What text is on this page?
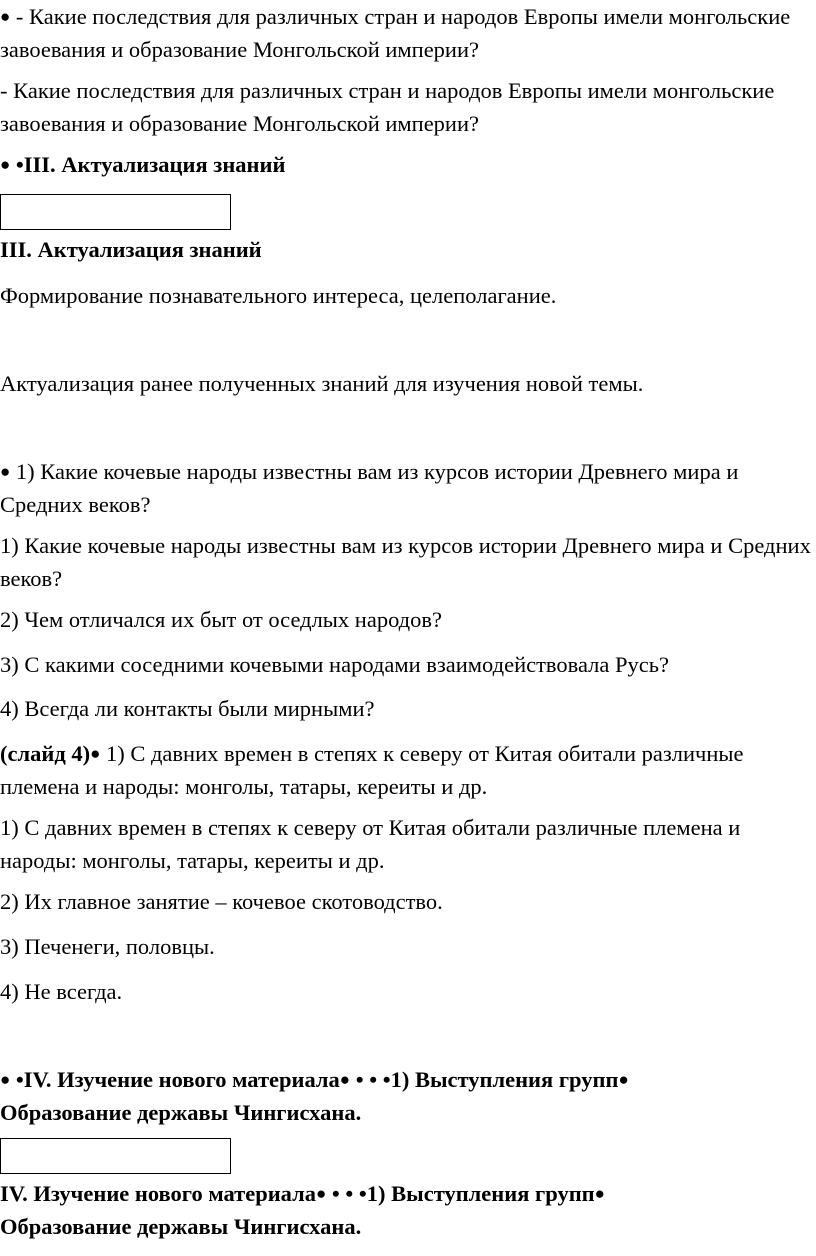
● - Какие последствия для различных стран и народов Европы имели монгольские завоевания и образование Монгольской империи?

- Какие последствия для различных стран и народов Европы имели монгольские завоевания и образование Монгольской империи?

● •III. Актуализация знаний

III. Актуализация знаний

Формирование познавательного интереса, целеполагание.

Актуализация ранее полученных знаний для изучения новой темы.

● 1) Какие кочевые народы известны вам из курсов истории Древнего мира и Средних веков?

1) Какие кочевые народы известны вам из курсов истории Древнего мира и Средних веков?

2) Чем отличался их быт от оседлых народов?

3) С какими соседними кочевыми народами взаимодействовала Русь?

4) Всегда ли контакты были мирными?

(слайд 4)● 1) С давних времен в степях к северу от Китая обитали различные племена и народы: монголы, татары, кереиты и др.

1) С давних времен в степях к северу от Китая обитали различные племена и народы: монголы, татары, кереиты и др.

2) Их главное занятие – кочевое скотоводство.

3) Печенеги, половцы.

4) Не всегда.

● •IV. Изучение нового материала● • • •1) Выступления групп● Образование державы Чингисхана.

IV. Изучение нового материала● • • •1) Выступления групп● Образование державы Чингисхана.
